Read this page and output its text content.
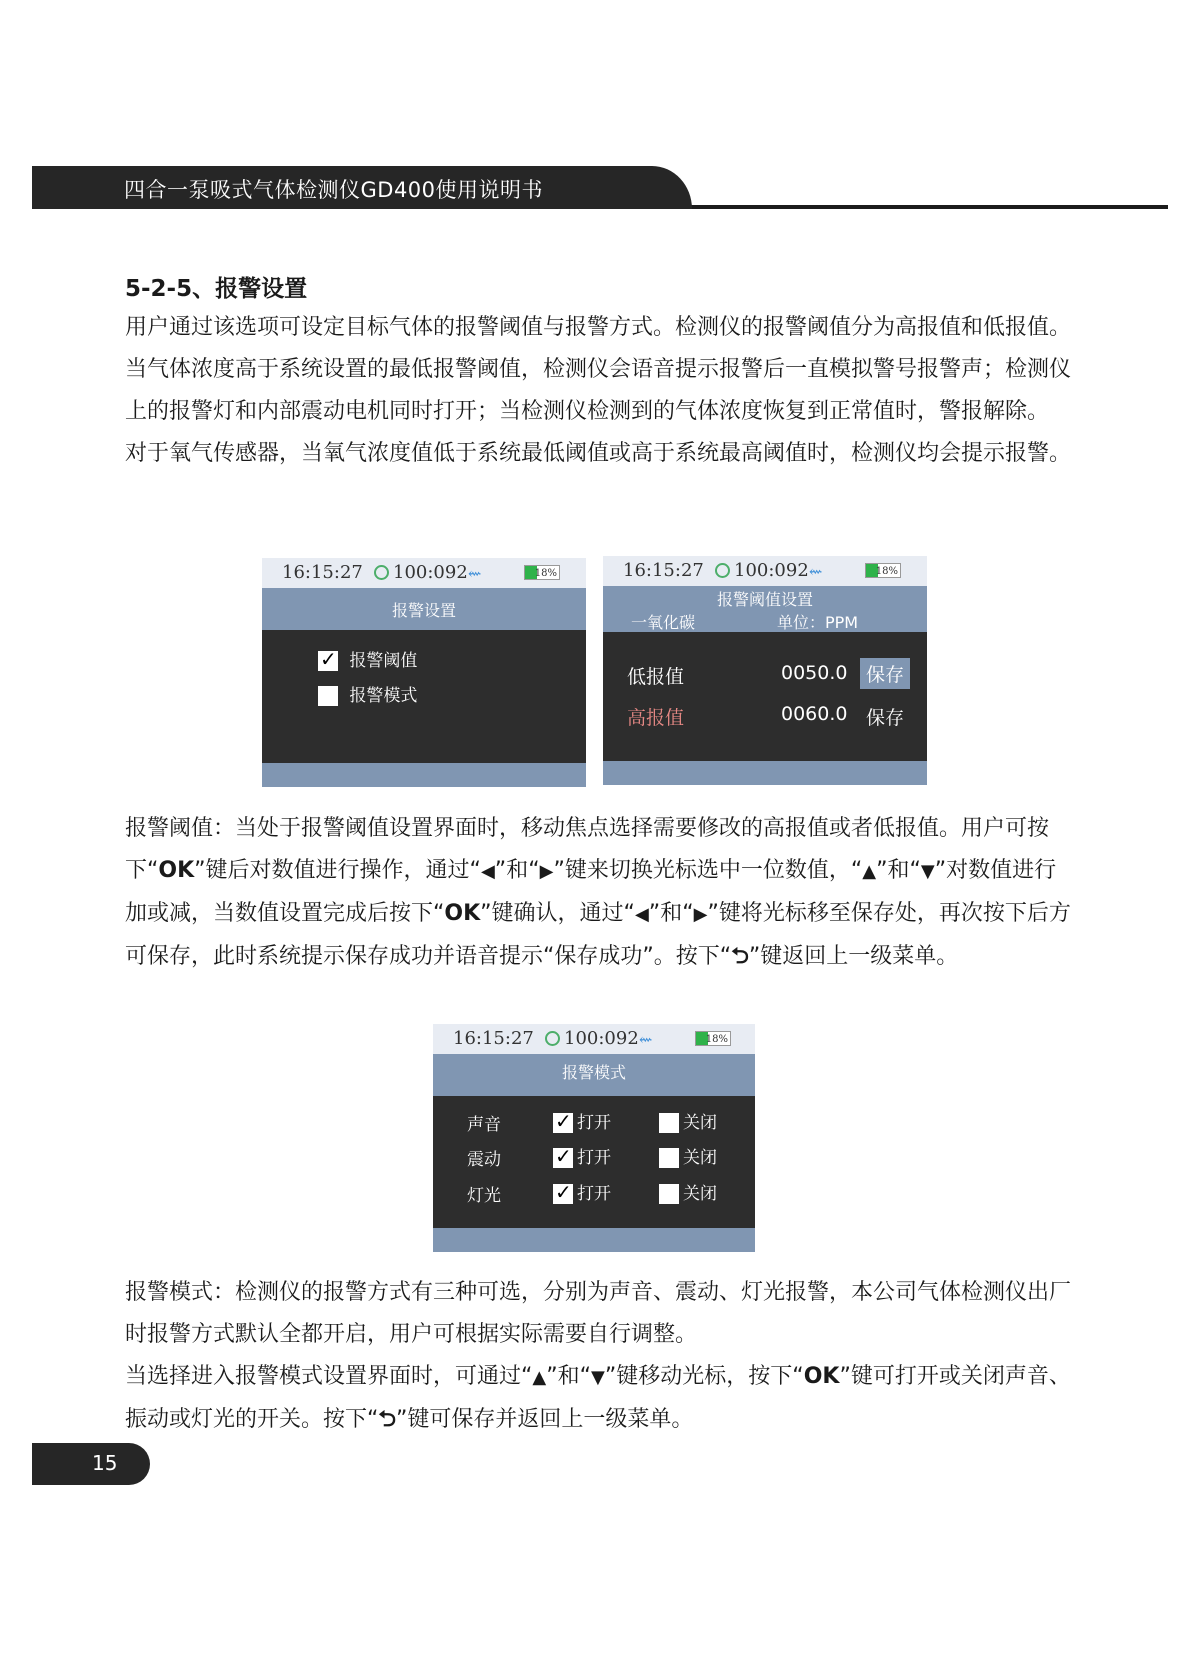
四合一泵吸式气体检测仪GD400使用说明书
5-2-5、报警设置

用户通过该选项可设定目标气体的报警阈值与报警方式。检测仪的报警阈值分为高报值和低报值。当气体浓度高于系统设置的最低报警阈值，检测仪会语音提示报警后一直模拟警号报警声；检测仪上的报警灯和内部震动电机同时打开；当检测仪检测到的气体浓度恢复到正常值时，警报解除。

对于氧气传感器，当氧气浓度值低于系统最低阈值或高于系统最高阈值时，检测仪均会提示报警。

16:15:27 100:092 ⇜	18%
报警设置
✓ 报警阈值
报警模式
16:15:27 100:092 ⇜	18%
报警阈值设置
一氧化碳	单位：PPM
低报值	0050.0 保存
高报值	0060.0 保存

报警阈值：当处于报警阈值设置界面时，移动焦点选择需要修改的高报值或者低报值。用户可按下“OK”键后对数值进行操作，通过“◀”和“▶”键来切换光标选中一位数值，“▲”和“▼”对数值进行加或减，当数值设置完成后按下“OK”键确认，通过“◀”和“▶”键将光标移至保存处，再次按下后方可保存，此时系统提示保存成功并语音提示“保存成功”。按下“⮌”键返回上一级菜单。

16:15:27 100:092 ⇜	18%
报警模式
声音 ✓	打开	关闭
震动 ✓	打开	关闭
灯光 ✓	打开	关闭

报警模式：检测仪的报警方式有三种可选，分别为声音、震动、灯光报警，本公司气体检测仪出厂时报警方式默认全都开启，用户可根据实际需要自行调整。

当选择进入报警模式设置界面时，可通过“▲”和“▼”键移动光标，按下“OK”键可打开或关闭声音、振动或灯光的开关。按下“⮌”键可保存并返回上一级菜单。

15
